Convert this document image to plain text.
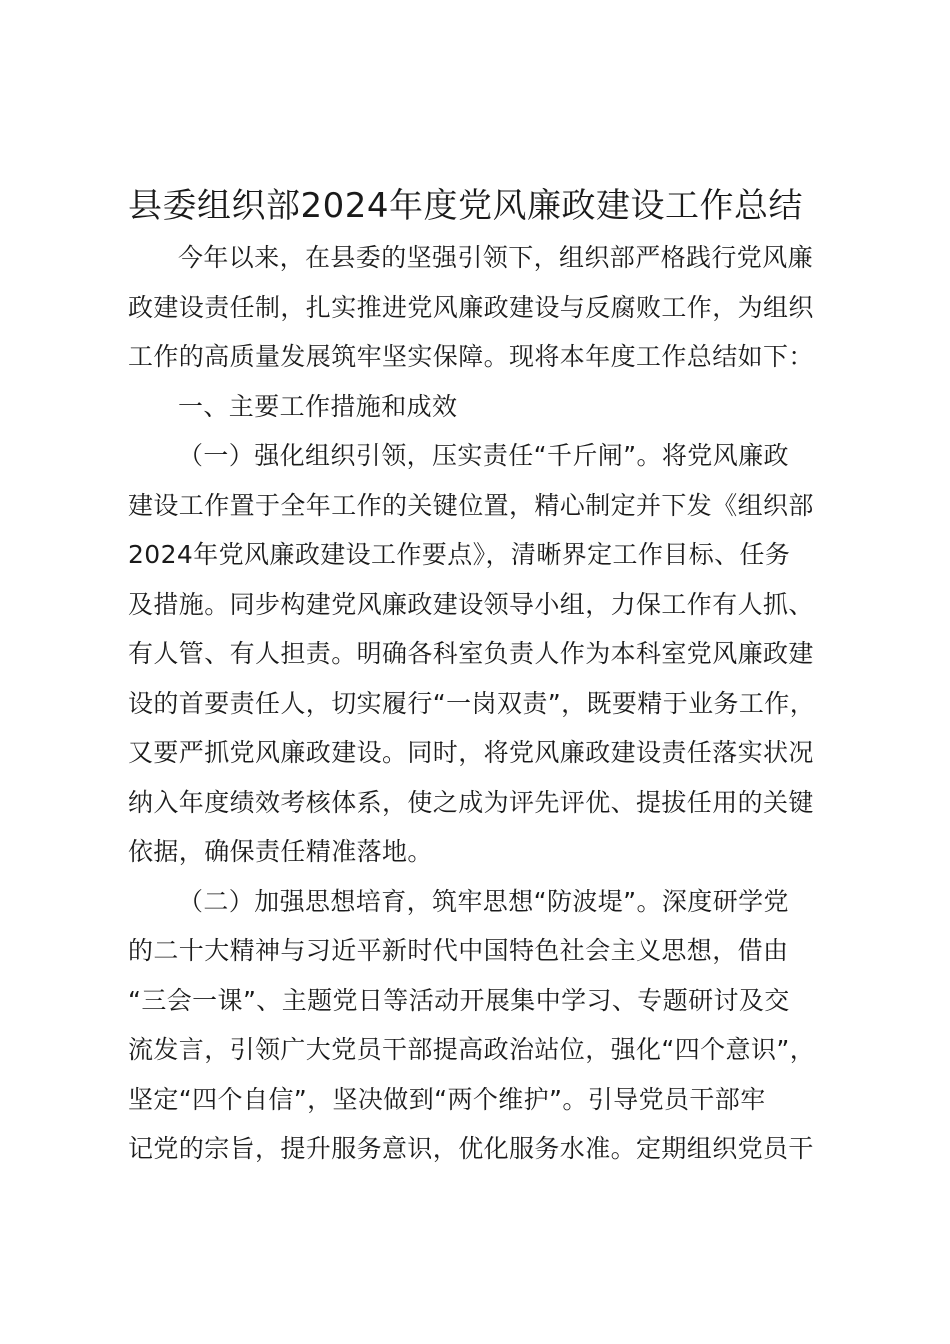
县委组织部2024年度党风廉政建设工作总结
今年以来，在县委的坚强引领下，组织部严格践行党风廉
政建设责任制，扎实推进党风廉政建设与反腐败工作，为组织
工作的高质量发展筑牢坚实保障。现将本年度工作总结如下：
一、主要工作措施和成效
（一）强化组织引领，压实责任“千斤闸”。将党风廉政
建设工作置于全年工作的关键位置，精心制定并下发《组织部
2024年党风廉政建设工作要点》，清晰界定工作目标、任务
及措施。同步构建党风廉政建设领导小组，力保工作有人抓、
有人管、有人担责。明确各科室负责人作为本科室党风廉政建
设的首要责任人，切实履行“一岗双责”，既要精于业务工作，
又要严抓党风廉政建设。同时，将党风廉政建设责任落实状况
纳入年度绩效考核体系，使之成为评先评优、提拔任用的关键
依据，确保责任精准落地。
（二）加强思想培育，筑牢思想“防波堤”。深度研学党
的二十大精神与习近平新时代中国特色社会主义思想，借由
“三会一课”、主题党日等活动开展集中学习、专题研讨及交
流发言，引领广大党员干部提高政治站位，强化“四个意识”，
坚定“四个自信”，坚决做到“两个维护”。引导党员干部牢
记党的宗旨，提升服务意识，优化服务水准。定期组织党员干
